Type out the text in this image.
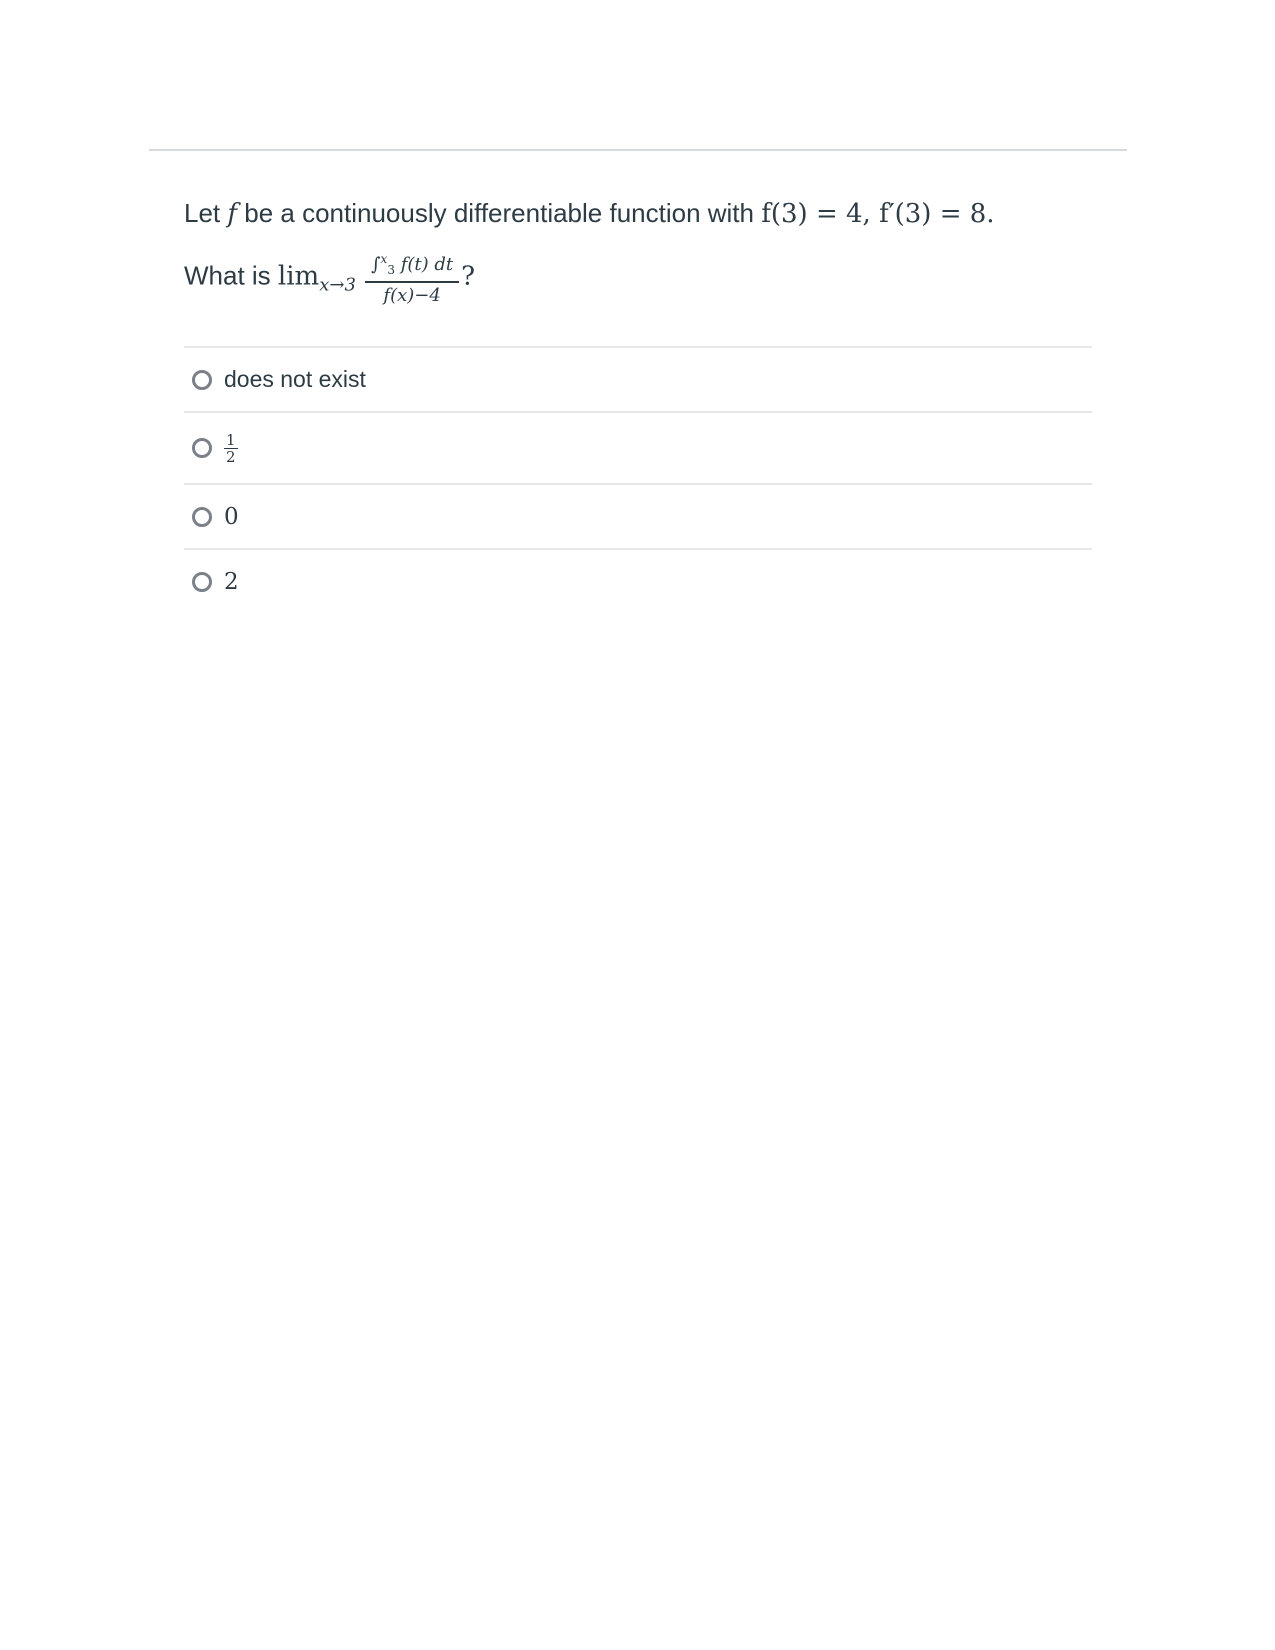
Let f be a continuously differentiable function with f(3) = 4, f′(3) = 8.
What is $\lim_{x\to 3} \frac{\int^x_3 f(t) dt}{f(x)-4}$ ?
does not exist
$\frac{1}{2}$
0
2
